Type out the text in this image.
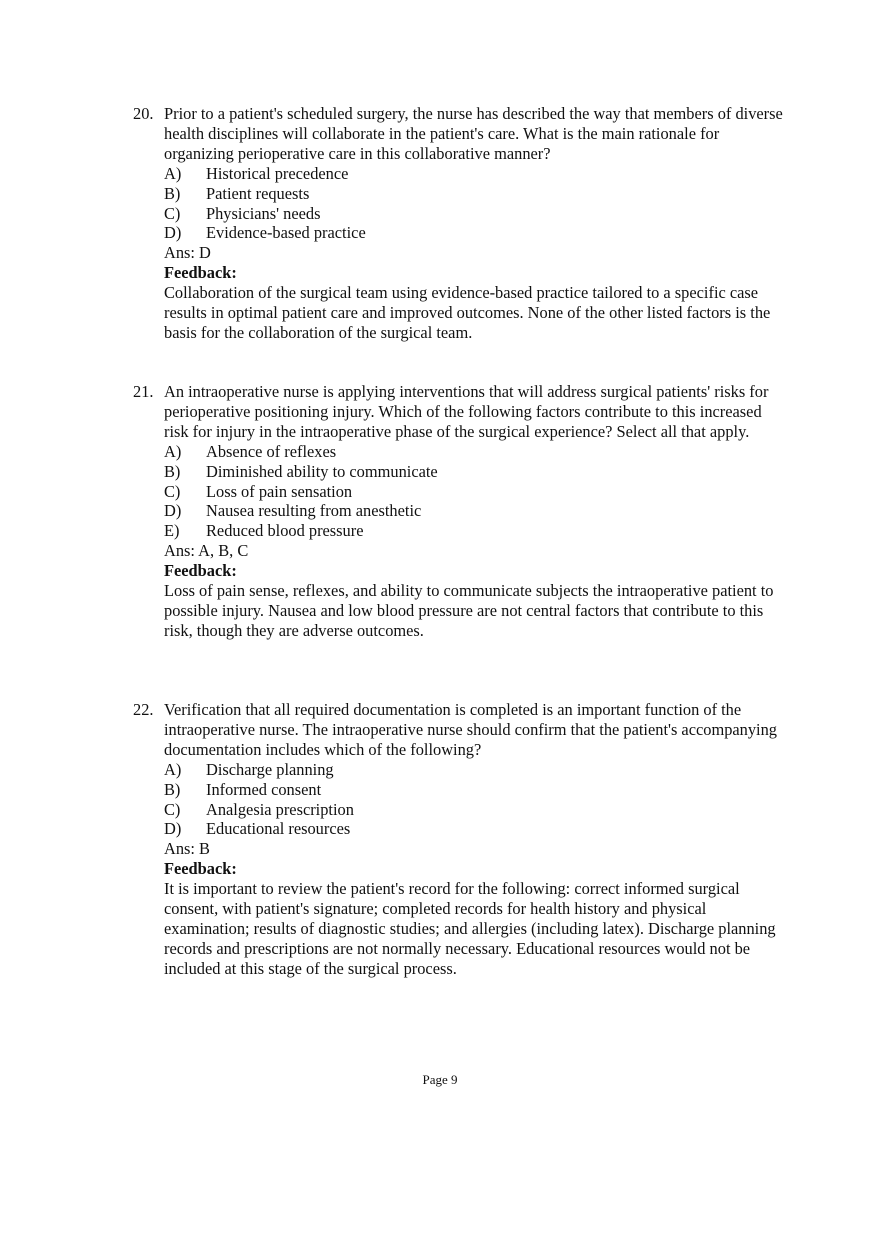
20. Prior to a patient's scheduled surgery, the nurse has described the way that members of diverse health disciplines will collaborate in the patient's care. What is the main rationale for organizing perioperative care in this collaborative manner?

A)	Historical precedence
B)	Patient requests
C)	Physicians' needs
D)	Evidence-based practice
Ans: D
Feedback:

Collaboration of the surgical team using evidence-based practice tailored to a specific case results in optimal patient care and improved outcomes. None of the other listed factors is the basis for the collaboration of the surgical team.

21. An intraoperative nurse is applying interventions that will address surgical patients' risks for perioperative positioning injury. Which of the following factors contribute to this increased risk for injury in the intraoperative phase of the surgical experience? Select all that apply.

A)	Absence of reflexes
B)	Diminished ability to communicate
C)	Loss of pain sensation
D)	Nausea resulting from anesthetic
E)	Reduced blood pressure
Ans: A, B, C
Feedback:

Loss of pain sense, reflexes, and ability to communicate subjects the intraoperative patient to possible injury. Nausea and low blood pressure are not central factors that contribute to this risk, though they are adverse outcomes.

22. Verification that all required documentation is completed is an important function of the intraoperative nurse. The intraoperative nurse should confirm that the patient's accompanying documentation includes which of the following?

A)	Discharge planning
B)	Informed consent
C)	Analgesia prescription
D)	Educational resources
Ans: B
Feedback:

It is important to review the patient's record for the following: correct informed surgical consent, with patient's signature; completed records for health history and physical examination; results of diagnostic studies; and allergies (including latex). Discharge planning records and prescriptions are not normally necessary. Educational resources would not be included at this stage of the surgical process.

Page 9
